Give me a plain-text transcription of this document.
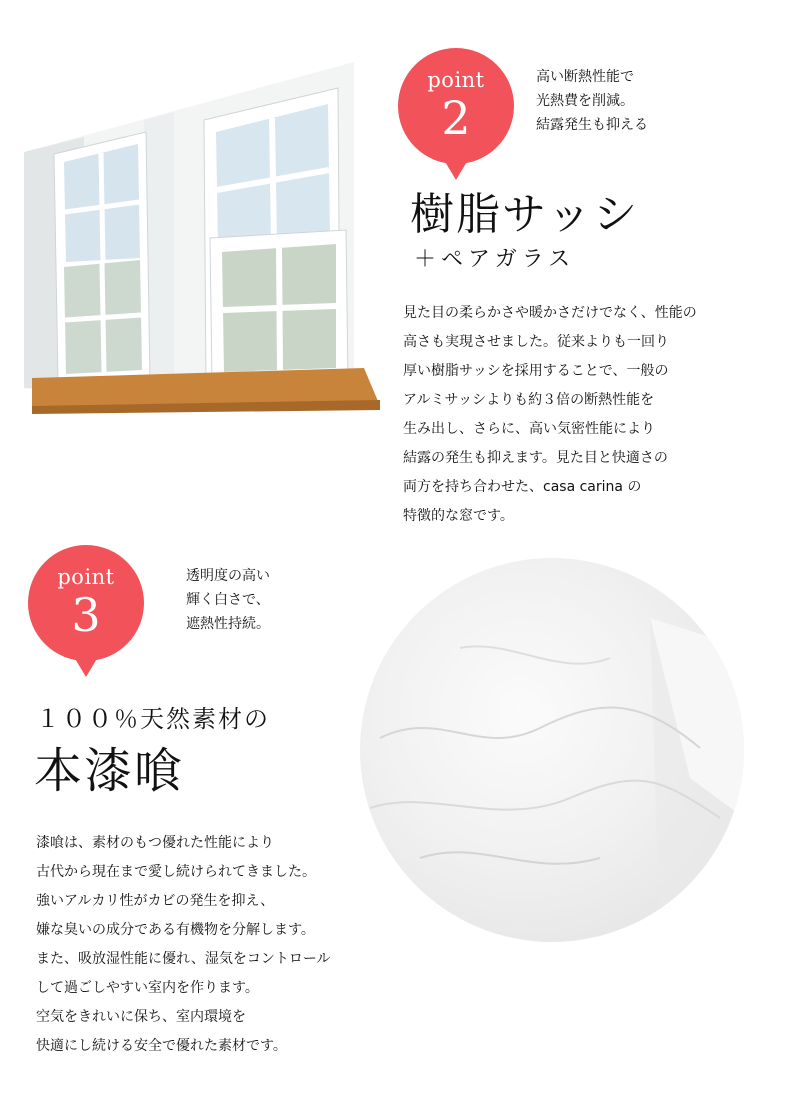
point
2
高い断熱性能で
光熱費を削減。
結露発生も抑える
樹脂サッシ
＋ペアガラス
見た目の柔らかさや暖かさだけでなく、性能の
高さも実現させました。従来よりも一回り
厚い樹脂サッシを採用することで、一般の
アルミサッシよりも約３倍の断熱性能を
生み出し、さらに、高い気密性能により
結露の発生も抑えます。見た目と快適さの
両方を持ち合わせた、casa carina の
特徴的な窓です。
point
3
透明度の高い
輝く白さで、
遮熱性持続。
１００％天然素材の
本漆喰
漆喰は、素材のもつ優れた性能により
古代から現在まで愛し続けられてきました。
強いアルカリ性がカビの発生を抑え、
嫌な臭いの成分である有機物を分解します。
また、吸放湿性能に優れ、湿気をコントロール
して過ごしやすい室内を作ります。
空気をきれいに保ち、室内環境を
快適にし続ける安全で優れた素材です。
